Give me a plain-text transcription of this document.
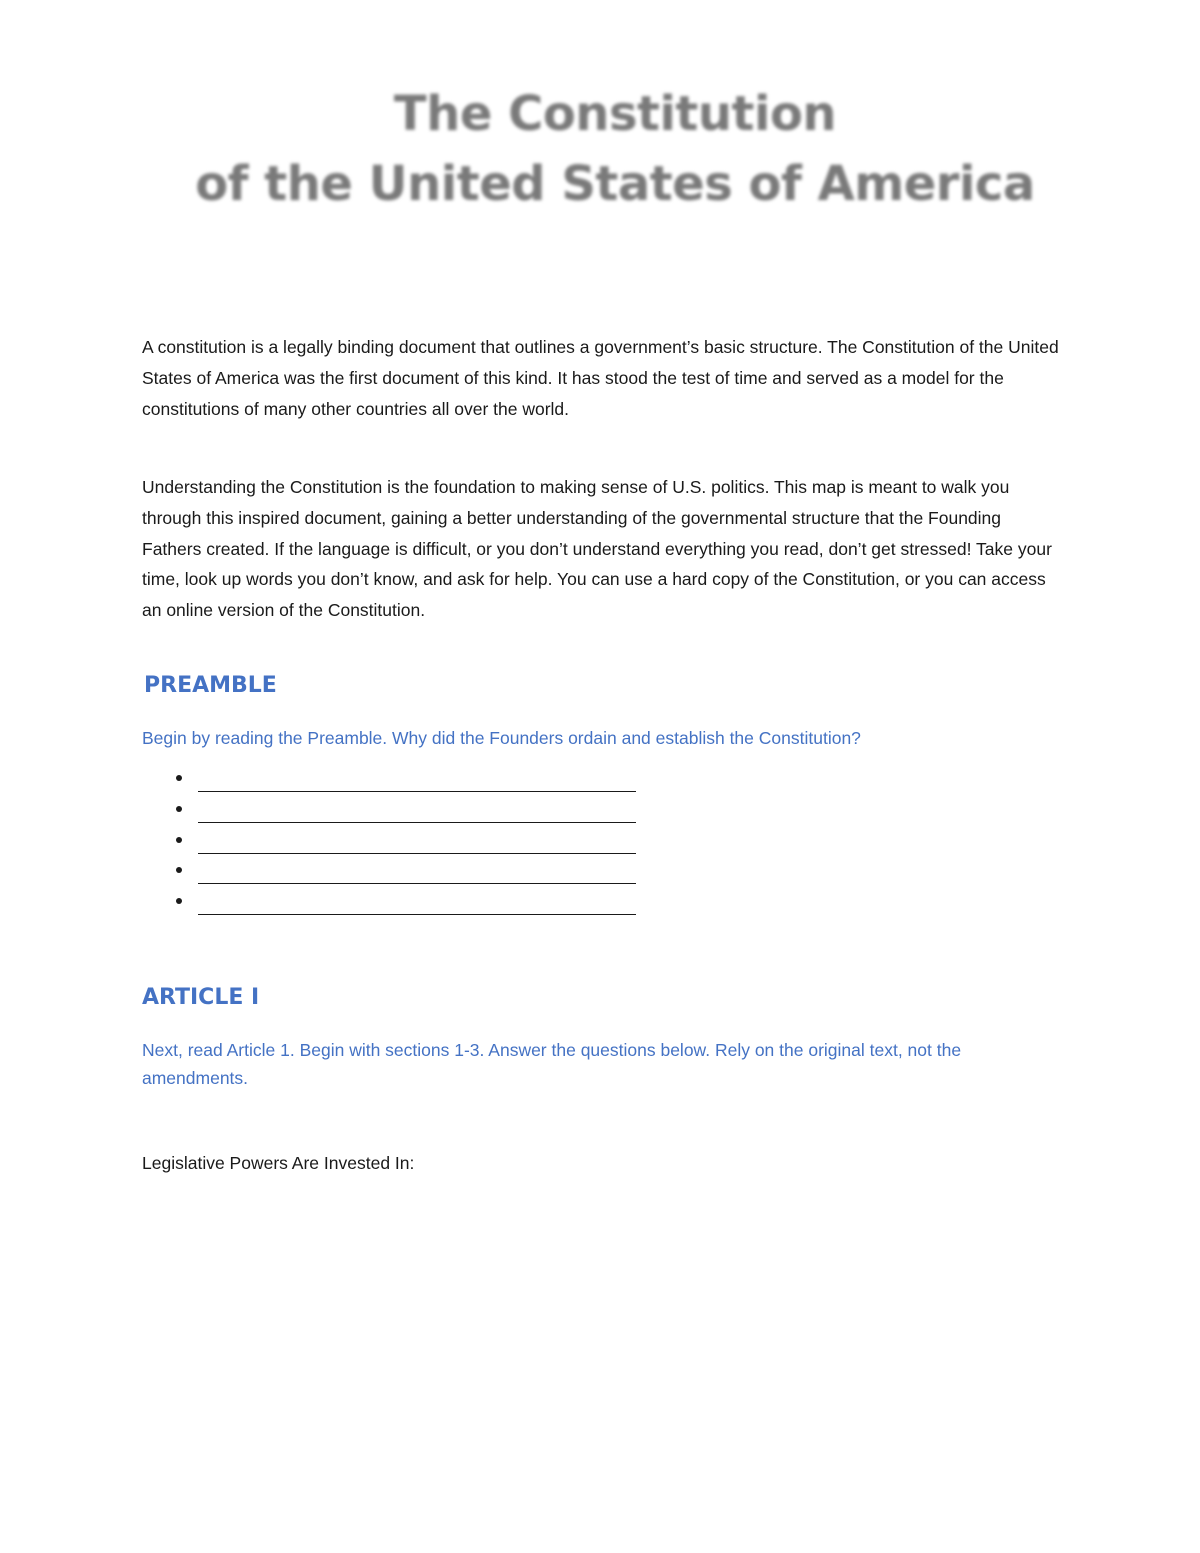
The Constitution
of the United States of America

A constitution is a legally binding document that outlines a government’s basic structure. The Constitution of the United States of America was the first document of this kind. It has stood the test of time and served as a model for the constitutions of many other countries all over the world.

Understanding the Constitution is the foundation to making sense of U.S. politics. This map is meant to walk you through this inspired document, gaining a better understanding of the governmental structure that the Founding Fathers created. If the language is difficult, or you don’t understand everything you read, don’t get stressed! Take your time, look up words you don’t know, and ask for help. You can use a hard copy of the Constitution, or you can access an online version of the Constitution.

PREAMBLE

Begin by reading the Preamble. Why did the Founders ordain and establish the Constitution?

ARTICLE I

Next, read Article 1. Begin with sections 1-3. Answer the questions below. Rely on the original text, not the amendments.

Legislative Powers Are Invested In:
